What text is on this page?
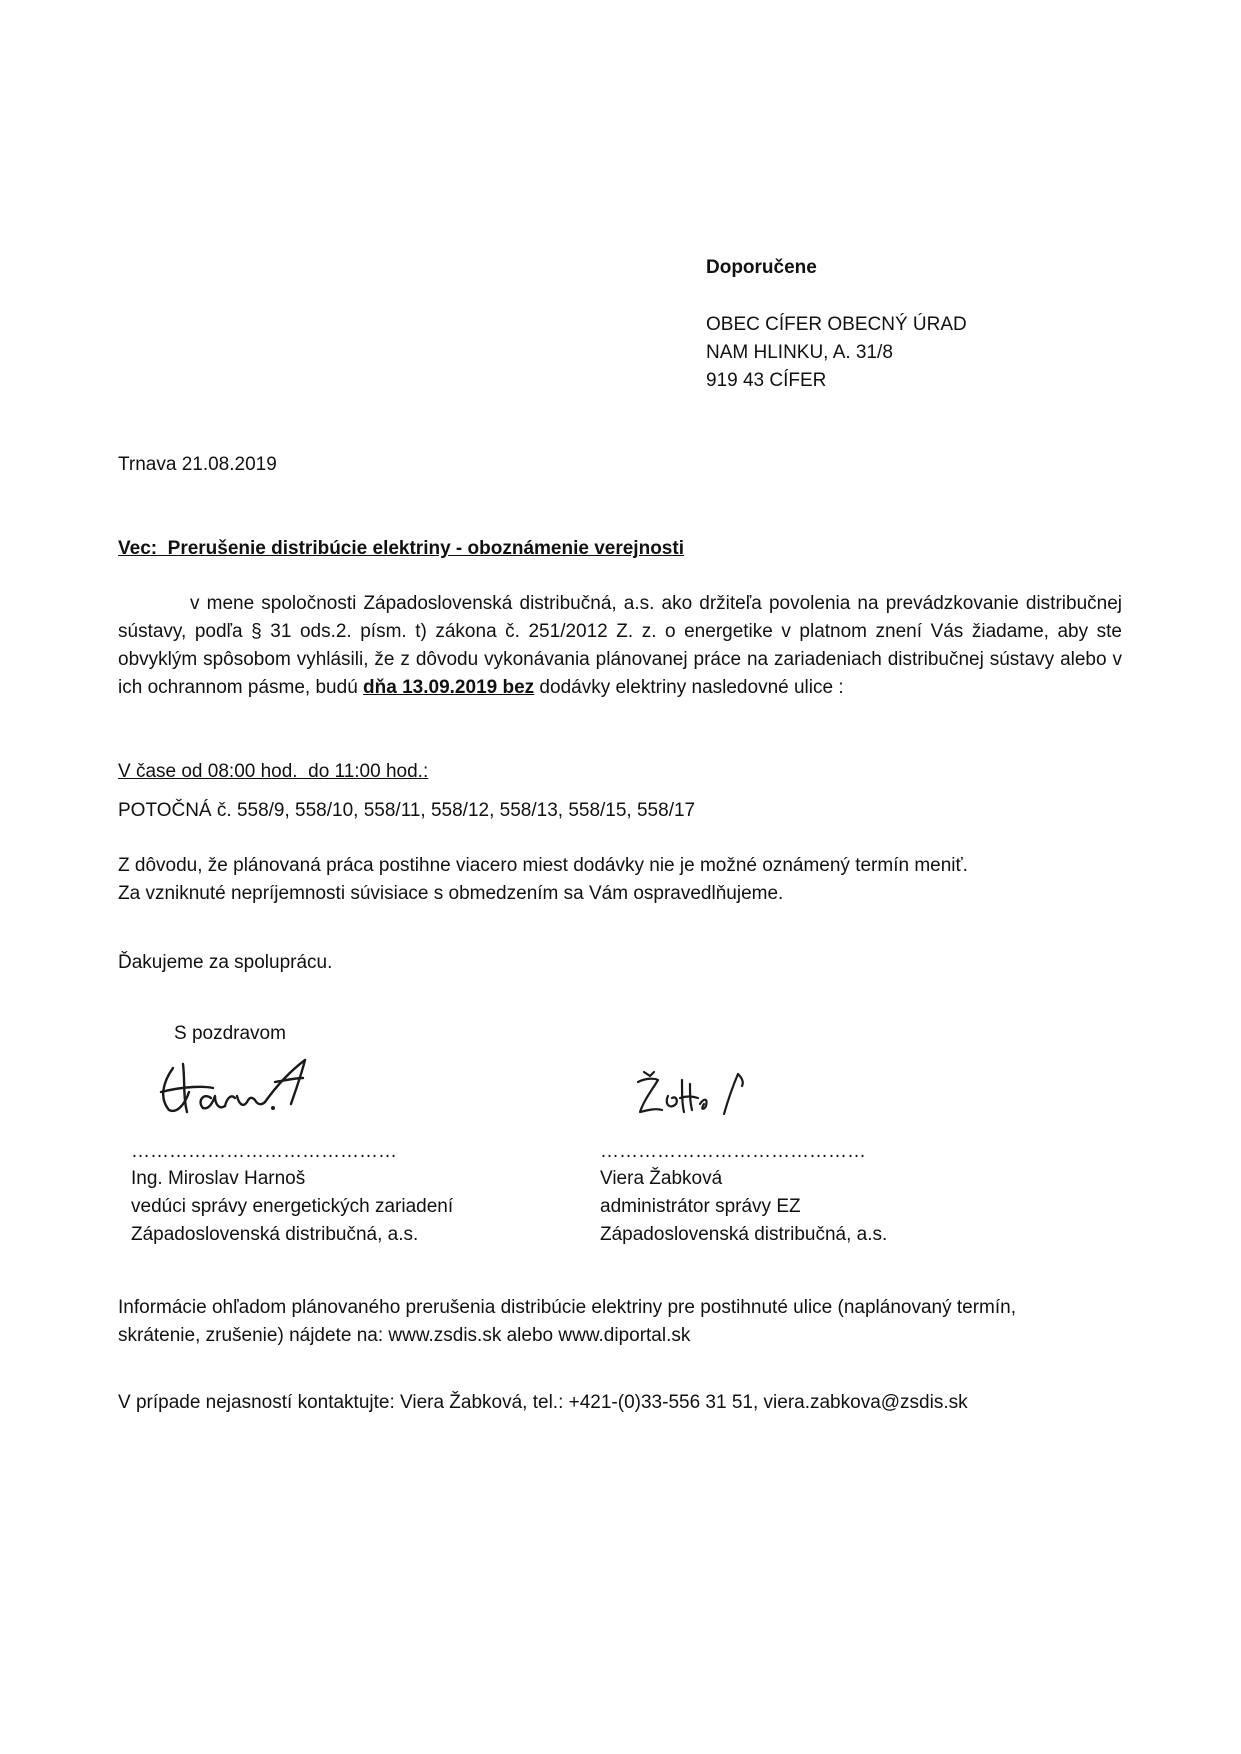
Doporučene
OBEC CÍFER OBECNÝ ÚRAD
NAM HLINKU, A. 31/8
919 43 CÍFER
Trnava 21.08.2019
Vec:  Prerušenie distribúcie elektriny - oboznámenie verejnosti
v mene spoločnosti Západoslovenská distribučná, a.s. ako držiteľa povolenia na prevádzkovanie distribučnej sústavy, podľa § 31 ods.2. písm. t) zákona č. 251/2012 Z. z. o energetike v platnom znení Vás žiadame, aby ste obvyklým spôsobom vyhlásili, že z dôvodu vykonávania plánovanej práce na zariadeniach distribučnej sústavy alebo v ich ochrannom pásme, budú dňa 13.09.2019 bez dodávky elektriny nasledovné ulice :
V čase od 08:00 hod.  do 11:00 hod.:
POTOČNÁ č. 558/9, 558/10, 558/11, 558/12, 558/13, 558/15, 558/17
Z dôvodu, že plánovaná práca postihne viacero miest dodávky nie je možné oznámený termín meniť.
Za vzniknuté nepríjemnosti súvisiace s obmedzením sa Vám ospravedlňujeme.
Ďakujeme za spoluprácu.
S pozdravom
……………………………………
Ing. Miroslav Harnoš
vedúci správy energetických zariadení
Západoslovenská distribučná, a.s.
……………………………………
Viera Žabková
administrátor správy EZ
Západoslovenská distribučná, a.s.
Informácie ohľadom plánovaného prerušenia distribúcie elektriny pre postihnuté ulice (naplánovaný termín,
skrátenie, zrušenie) nájdete na: www.zsdis.sk alebo www.diportal.sk
V prípade nejasností kontaktujte: Viera Žabková, tel.: +421-(0)33-556 31 51, viera.zabkova@zsdis.sk
